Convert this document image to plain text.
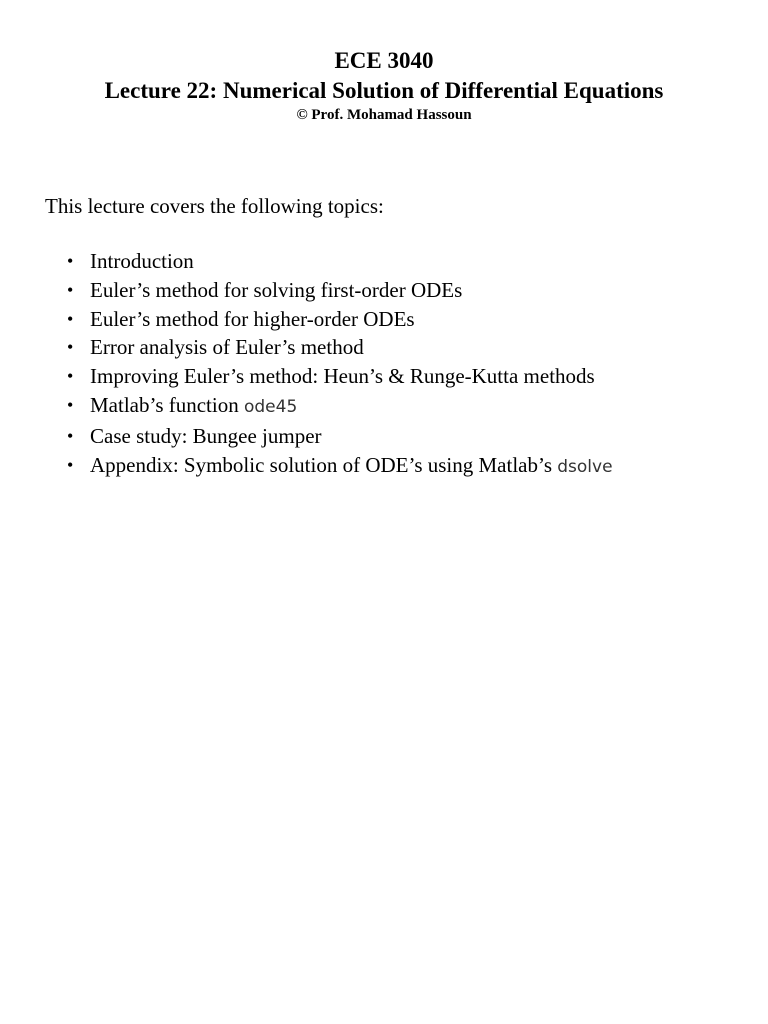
ECE 3040

Lecture 22: Numerical Solution of Differential Equations

© Prof. Mohamad Hassoun

This lecture covers the following topics:

• Introduction
• Euler’s method for solving first-order ODEs
• Euler’s method for higher-order ODEs
• Error analysis of Euler’s method
• Improving Euler’s method: Heun’s & Runge-Kutta methods
• Matlab’s function ode45
• Case study: Bungee jumper
• Appendix: Symbolic solution of ODE’s using Matlab’s dsolve
